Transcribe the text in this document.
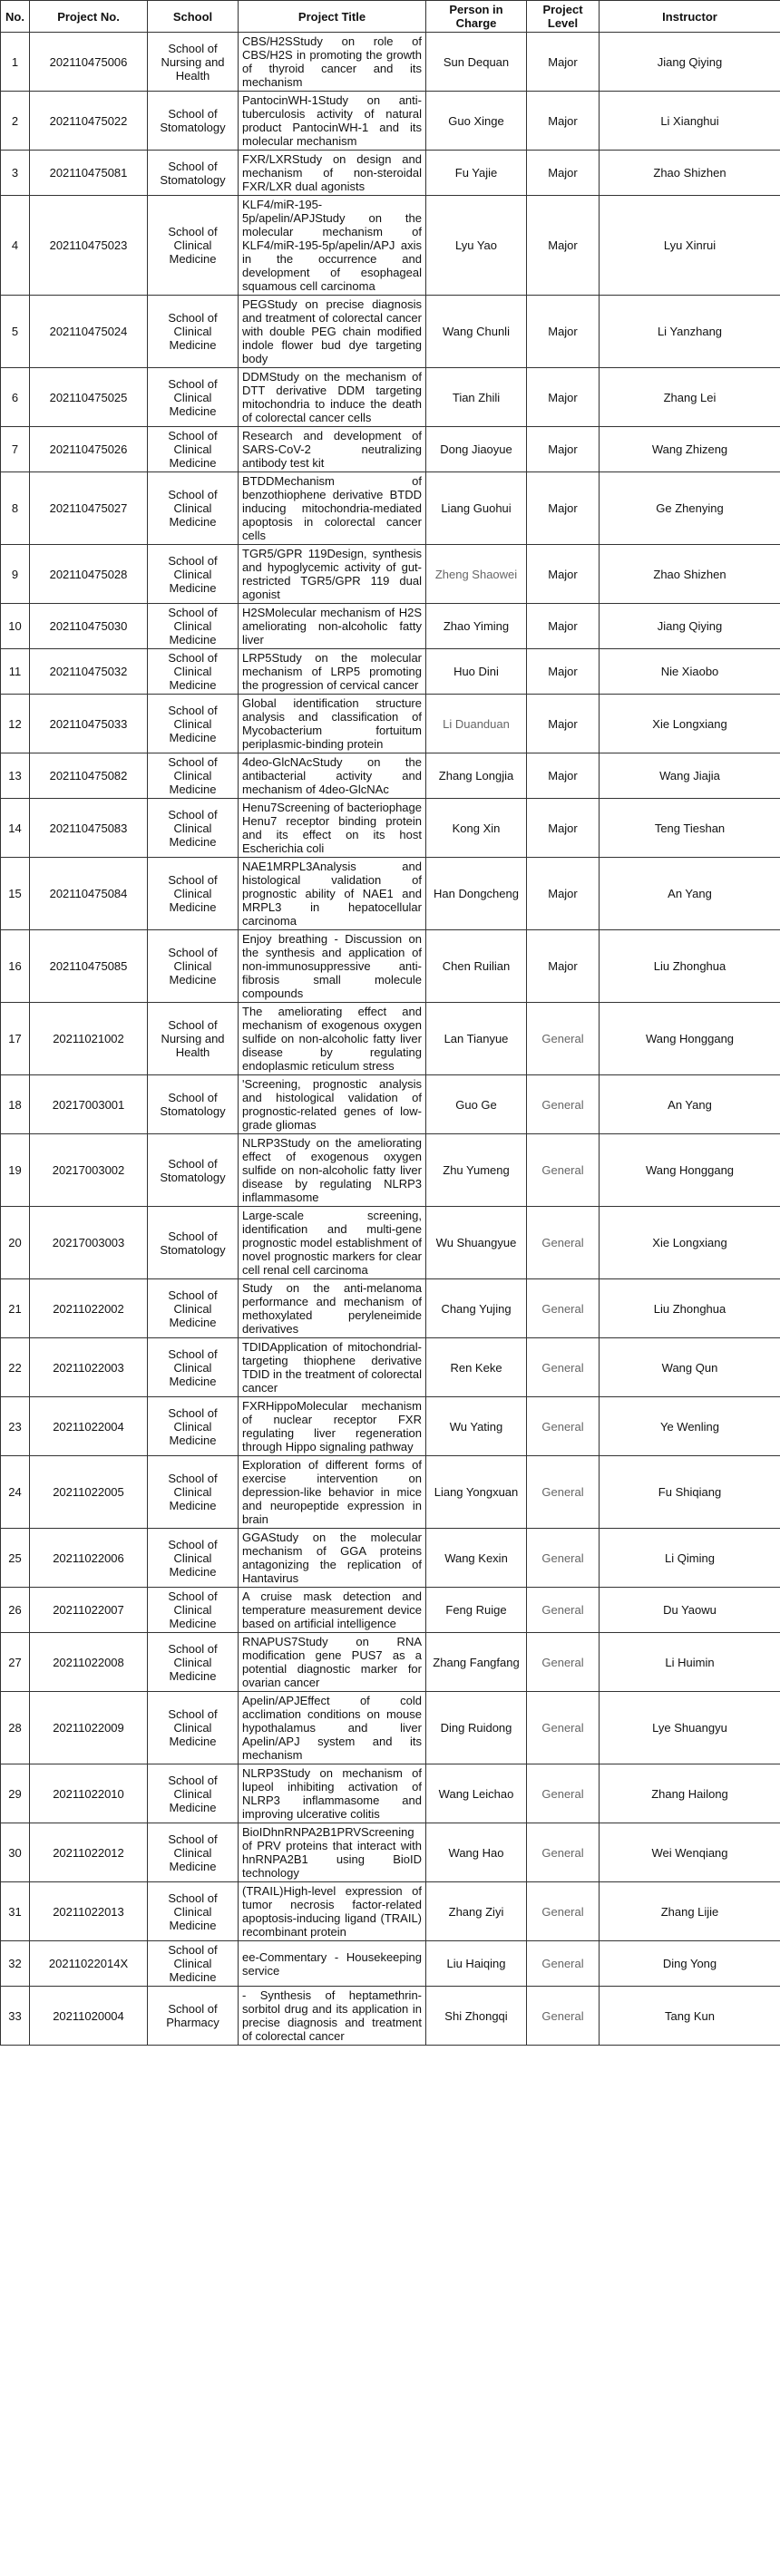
No.	Project No.	School	Project Title	Person in Charge	Project Level	Instructor
1	202110475006	School of Nursing and Health	CBS/H2SStudy on role of CBS/H2S in promoting the growth of thyroid cancer and its mechanism	Sun Dequan	Major	Jiang Qiying
2	202110475022	School of Stomatology	PantocinWH-1Study on anti-tuberculosis activity of natural product PantocinWH-1 and its molecular mechanism	Guo Xinge	Major	Li Xianghui
3	202110475081	School of Stomatology	FXR/LXRStudy on design and mechanism of non-steroidal FXR/LXR dual agonists	Fu Yajie	Major	Zhao Shizhen
4	202110475023	School of Clinical Medicine	KLF4/miR-195-5p/apelin/APJStudy on the molecular mechanism of KLF4/miR-195-5p/apelin/APJ axis in the occurrence and development of esophageal squamous cell carcinoma	Lyu Yao	Major	Lyu Xinrui
5	202110475024	School of Clinical Medicine	PEGStudy on precise diagnosis and treatment of colorectal cancer with double PEG chain modified indole flower bud dye targeting body	Wang Chunli	Major	Li Yanzhang
6	202110475025	School of Clinical Medicine	DDMStudy on the mechanism of DTT derivative DDM targeting mitochondria to induce the death of colorectal cancer cells	Tian Zhili	Major	Zhang Lei
7	202110475026	School of Clinical Medicine	Research and development of SARS-CoV-2 neutralizing antibody test kit	Dong Jiaoyue	Major	Wang Zhizeng
8	202110475027	School of Clinical Medicine	BTDDMechanism of benzothiophene derivative BTDD inducing mitochondria-mediated apoptosis in colorectal cancer cells	Liang Guohui	Major	Ge Zhenying
9	202110475028	School of Clinical Medicine	TGR5/GPR 119Design, synthesis and hypoglycemic activity of gut-restricted TGR5/GPR 119 dual agonist	Zheng Shaowei	Major	Zhao Shizhen
10	202110475030	School of Clinical Medicine	H2SMolecular mechanism of H2S ameliorating non-alcoholic fatty liver	Zhao Yiming	Major	Jiang Qiying
11	202110475032	School of Clinical Medicine	LRP5Study on the molecular mechanism of LRP5 promoting the progression of cervical cancer	Huo Dini	Major	Nie Xiaobo
12	202110475033	School of Clinical Medicine	Global identification structure analysis and classification of Mycobacterium fortuitum periplasmic-binding protein	Li Duanduan	Major	Xie Longxiang
13	202110475082	School of Clinical Medicine	4deo-GlcNAcStudy on the antibacterial activity and mechanism of 4deo-GlcNAc	Zhang Longjia	Major	Wang Jiajia
14	202110475083	School of Clinical Medicine	Henu7Screening of bacteriophage Henu7 receptor binding protein and its effect on its host Escherichia coli	Kong Xin	Major	Teng Tieshan
15	202110475084	School of Clinical Medicine	NAE1MRPL3Analysis and histological validation of prognostic ability of NAE1 and MRPL3 in hepatocellular carcinoma	Han Dongcheng	Major	An Yang
16	202110475085	School of Clinical Medicine	Enjoy breathing - Discussion on the synthesis and application of non-immunosuppressive anti-fibrosis small molecule compounds	Chen Ruilian	Major	Liu Zhonghua
17	20211021002	School of Nursing and Health	The ameliorating effect and mechanism of exogenous oxygen sulfide on non-alcoholic fatty liver disease by regulating endoplasmic reticulum stress	Lan Tianyue	General	Wang Honggang
18	20217003001	School of Stomatology	'Screening, prognostic analysis and histological validation of prognostic-related genes of low-grade gliomas	Guo Ge	General	An Yang
19	20217003002	School of Stomatology	NLRP3Study on the ameliorating effect of exogenous oxygen sulfide on non-alcoholic fatty liver disease by regulating NLRP3 inflammasome	Zhu Yumeng	General	Wang Honggang
20	20217003003	School of Stomatology	Large-scale screening, identification and multi-gene prognostic model establishment of novel prognostic markers for clear cell renal cell carcinoma	Wu Shuangyue	General	Xie Longxiang
21	20211022002	School of Clinical Medicine	Study on the anti-melanoma performance and mechanism of methoxylated peryleneimide derivatives	Chang Yujing	General	Liu Zhonghua
22	20211022003	School of Clinical Medicine	TDIDApplication of mitochondrial-targeting thiophene derivative TDID in the treatment of colorectal cancer	Ren Keke	General	Wang Qun
23	20211022004	School of Clinical Medicine	FXRHippoMolecular mechanism of nuclear receptor FXR regulating liver regeneration through Hippo signaling pathway	Wu Yating	General	Ye Wenling
24	20211022005	School of Clinical Medicine	Exploration of different forms of exercise intervention on depression-like behavior in mice and neuropeptide expression in brain	Liang Yongxuan	General	Fu Shiqiang
25	20211022006	School of Clinical Medicine	GGAStudy on the molecular mechanism of GGA proteins antagonizing the replication of Hantavirus	Wang Kexin	General	Li Qiming
26	20211022007	School of Clinical Medicine	A cruise mask detection and temperature measurement device based on artificial intelligence	Feng Ruige	General	Du Yaowu
27	20211022008	School of Clinical Medicine	RNAPUS7Study on RNA modification gene PUS7 as a potential diagnostic marker for ovarian cancer	Zhang Fangfang	General	Li Huimin
28	20211022009	School of Clinical Medicine	Apelin/APJEffect of cold acclimation conditions on mouse hypothalamus and liver Apelin/APJ system and its mechanism	Ding Ruidong	General	Lye Shuangyu
29	20211022010	School of Clinical Medicine	NLRP3Study on mechanism of lupeol inhibiting activation of NLRP3 inflammasome and improving ulcerative colitis	Wang Leichao	General	Zhang Hailong
30	20211022012	School of Clinical Medicine	BioIDhnRNPA2B1PRVScreening of PRV proteins that interact with hnRNPA2B1 using BioID technology	Wang Hao	General	Wei Wenqiang
31	20211022013	School of Clinical Medicine	(TRAIL)High-level expression of tumor necrosis factor-related apoptosis-inducing ligand (TRAIL) recombinant protein	Zhang Ziyi	General	Zhang Lijie
32	20211022014X	School of Clinical Medicine	ee-Commentary - Housekeeping service	Liu Haiqing	General	Ding Yong
33	20211020004	School of Pharmacy	- Synthesis of heptamethrin-sorbitol drug and its application in precise diagnosis and treatment of colorectal cancer	Shi Zhongqi	General	Tang Kun
